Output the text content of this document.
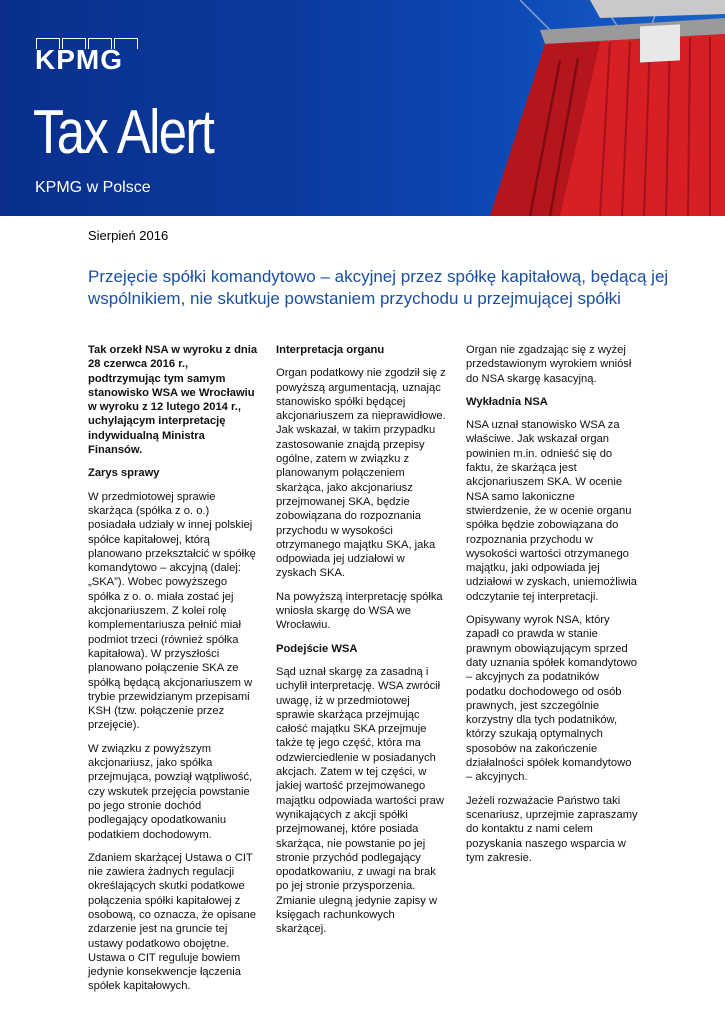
KPMG
Tax Alert
KPMG w Polsce
Sierpień 2016
Przejęcie spółki komandytowo – akcyjnej przez spółkę kapitałową, będącą jej wspólnikiem, nie skutkuje powstaniem przychodu u przejmującej spółki

Tak orzekł NSA w wyroku z dnia 28 czerwca 2016 r., podtrzymując tym samym stanowisko WSA we Wrocławiu w wyroku z 12 lutego 2014 r., uchylającym interpretację indywidualną Ministra Finansów.

Zarys sprawy

W przedmiotowej sprawie skarżąca (spółka z o. o.) posiadała udziały w innej polskiej spółce kapitałowej, którą planowano przekształcić w spółkę komandytowo – akcyjną (dalej: „SKA”). Wobec powyższego spółka z o. o. miała zostać jej akcjonariuszem. Z kolei rolę komplementariusza pełnić miał podmiot trzeci (również spółka kapitałowa). W przyszłości planowano połączenie SKA ze spółką będącą akcjonariuszem w trybie przewidzianym przepisami KSH (tzw. połączenie przez przejęcie).

W związku z powyższym akcjonariusz, jako spółka przejmująca, powziął wątpliwość, czy wskutek przejęcia powstanie po jego stronie dochód podlegający opodatkowaniu podatkiem dochodowym.

Zdaniem skarżącej Ustawa o CIT nie zawiera żadnych regulacji określających skutki podatkowe połączenia spółki kapitałowej z osobową, co oznacza, że opisane zdarzenie jest na gruncie tej ustawy podatkowo obojętne. Ustawa o CIT reguluje bowiem jedynie konsekwencje łączenia spółek kapitałowych.

Interpretacja organu

Organ podatkowy nie zgodził się z powyższą argumentacją, uznając stanowisko spółki będącej akcjonariuszem za nieprawidłowe. Jak wskazał, w takim przypadku zastosowanie znajdą przepisy ogólne, zatem w związku z planowanym połączeniem skarżąca, jako akcjonariusz przejmowanej SKA, będzie zobowiązana do rozpoznania przychodu w wysokości otrzymanego majątku SKA, jaka odpowiada jej udziałowi w zyskach SKA.

Na powyższą interpretację spółka wniosła skargę do WSA we Wrocławiu.

Podejście WSA

Sąd uznał skargę za zasadną i uchylił interpretację. WSA zwrócił uwagę, iż w przedmiotowej sprawie skarżąca przejmując całość majątku SKA przejmuje także tę jego część, która ma odzwierciedlenie w posiadanych akcjach. Zatem w tej części, w jakiej wartość przejmowanego majątku odpowiada wartości praw wynikających z akcji spółki przejmowanej, które posiada skarżąca, nie powstanie po jej stronie przychód podlegający opodatkowaniu, z uwagi na brak po jej stronie przysporzenia. Zmianie ulegną jedynie zapisy w księgach rachunkowych skarżącej.

Organ nie zgadzając się z wyżej przedstawionym wyrokiem wniósł do NSA skargę kasacyjną.

Wykładnia NSA

NSA uznał stanowisko WSA za właściwe. Jak wskazał organ powinien m.in. odnieść się do faktu, że skarżąca jest akcjonariuszem SKA. W ocenie NSA samo lakoniczne stwierdzenie, że w ocenie organu spółka będzie zobowiązana do rozpoznania przychodu w wysokości wartości otrzymanego majątku, jaki odpowiada jej udziałowi w zyskach, uniemożliwia odczytanie tej interpretacji.

Opisywany wyrok NSA, który zapadł co prawda w stanie prawnym obowiązującym sprzed daty uznania spółek komandytowo – akcyjnych za podatników podatku dochodowego od osób prawnych, jest szczególnie korzystny dla tych podatników, którzy szukają optymalnych sposobów na zakończenie działalności spółek komandytowo – akcyjnych.

Jeżeli rozważacie Państwo taki scenariusz, uprzejmie zapraszamy do kontaktu z nami celem pozyskania naszego wsparcia w tym zakresie.
